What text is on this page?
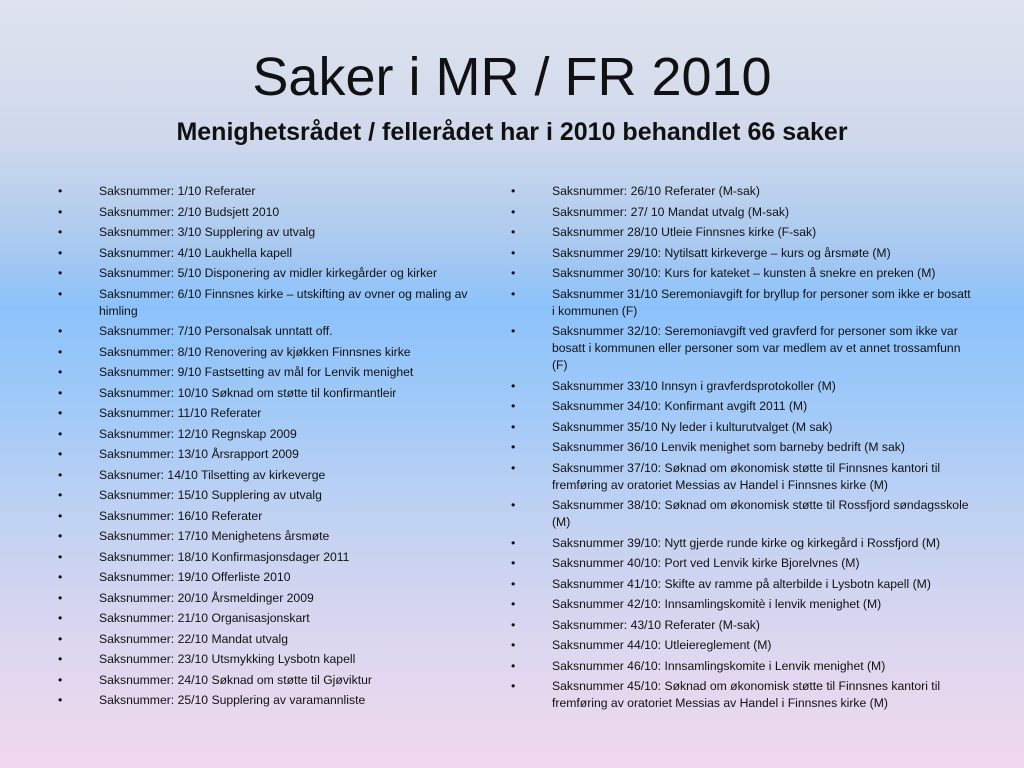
Saker i MR / FR 2010
Menighetsrådet / fellerådet har i 2010 behandlet 66 saker
•	Saksnummer: 1/10 Referater
•	Saksnummer: 2/10 Budsjett 2010
•	Saksnummer: 3/10 Supplering av utvalg
•	Saksnummer: 4/10 Laukhella kapell
•	Saksnummer: 5/10 Disponering av midler kirkegårder og kirker
•	Saksnummer: 6/10 Finnsnes kirke – utskifting av ovner og maling av himling
•	Saksnummer: 7/10 Personalsak unntatt off.
•	Saksnummer: 8/10 Renovering av kjøkken Finnsnes kirke
•	Saksnummer: 9/10 Fastsetting av mål for Lenvik menighet
•	Saksnummer: 10/10 Søknad om støtte til konfirmantleir
•	Saksnummer: 11/10 Referater
•	Saksnummer: 12/10 Regnskap 2009
•	Saksnummer: 13/10 Årsrapport 2009
•	Saksnumer: 14/10 Tilsetting av kirkeverge
•	Saksnummer: 15/10 Supplering av utvalg
•	Saksnummer: 16/10 Referater
•	Saksnummer: 17/10 Menighetens årsmøte
•	Saksnummer: 18/10 Konfirmasjonsdager 2011
•	Saksnummer: 19/10 Offerliste 2010
•	Saksnummer: 20/10 Årsmeldinger 2009
•	Saksnummer: 21/10 Organisasjonskart
•	Saksnummer: 22/10 Mandat utvalg
•	Saksnummer: 23/10 Utsmykking Lysbotn kapell
•	Saksnummer: 24/10 Søknad om støtte til Gjøviktur
•	Saksnummer: 25/10 Supplering av varamannliste
•	Saksnummer: 26/10 Referater (M-sak)
•	Saksnummer: 27/ 10 Mandat utvalg (M-sak)
•	Saksnummer 28/10 Utleie Finnsnes kirke (F-sak)
•	Saksnummer 29/10: Nytilsatt kirkeverge – kurs og årsmøte (M)
•	Saksnummer 30/10: Kurs for kateket – kunsten å snekre en preken (M)
•	Saksnummer 31/10 Seremoniavgift for bryllup for personer som ikke er bosatt i kommunen (F)
•	Saksnummer 32/10: Seremoniavgift ved gravferd for personer som ikke var bosatt i kommunen eller personer som var medlem av et annet trossamfunn (F)
•	Saksnummer 33/10 Innsyn i gravferdsprotokoller (M)
•	Saksnummer 34/10: Konfirmant avgift 2011 (M)
•	Saksnummer 35/10 Ny leder i kulturutvalget (M sak)
•	Saksnummer 36/10 Lenvik menighet som barneby bedrift (M sak)
•	Saksnummer 37/10: Søknad om økonomisk støtte til Finnsnes kantori til fremføring av oratoriet Messias av Handel i Finnsnes kirke (M)
•	Saksnummer 38/10: Søknad om økonomisk støtte til Rossfjord søndagsskole (M)
•	Saksnummer 39/10: Nytt gjerde runde kirke og kirkegård i Rossfjord (M)
•	Saksnummer 40/10: Port ved Lenvik kirke Bjorelvnes (M)
•	Saksnummer 41/10: Skifte av ramme på alterbilde i Lysbotn kapell (M)
•	Saksnummer 42/10: Innsamlingskomitè i lenvik menighet (M)
•	Saksnummer: 43/10 Referater (M-sak)
•	Saksnummer 44/10: Utleiereglement (M)
•	Saksnummer 46/10: Innsamlingskomite i Lenvik menighet (M)
•	Saksnummer 45/10: Søknad om økonomisk støtte til Finnsnes kantori til fremføring av oratoriet Messias av Handel i Finnsnes kirke (M)
